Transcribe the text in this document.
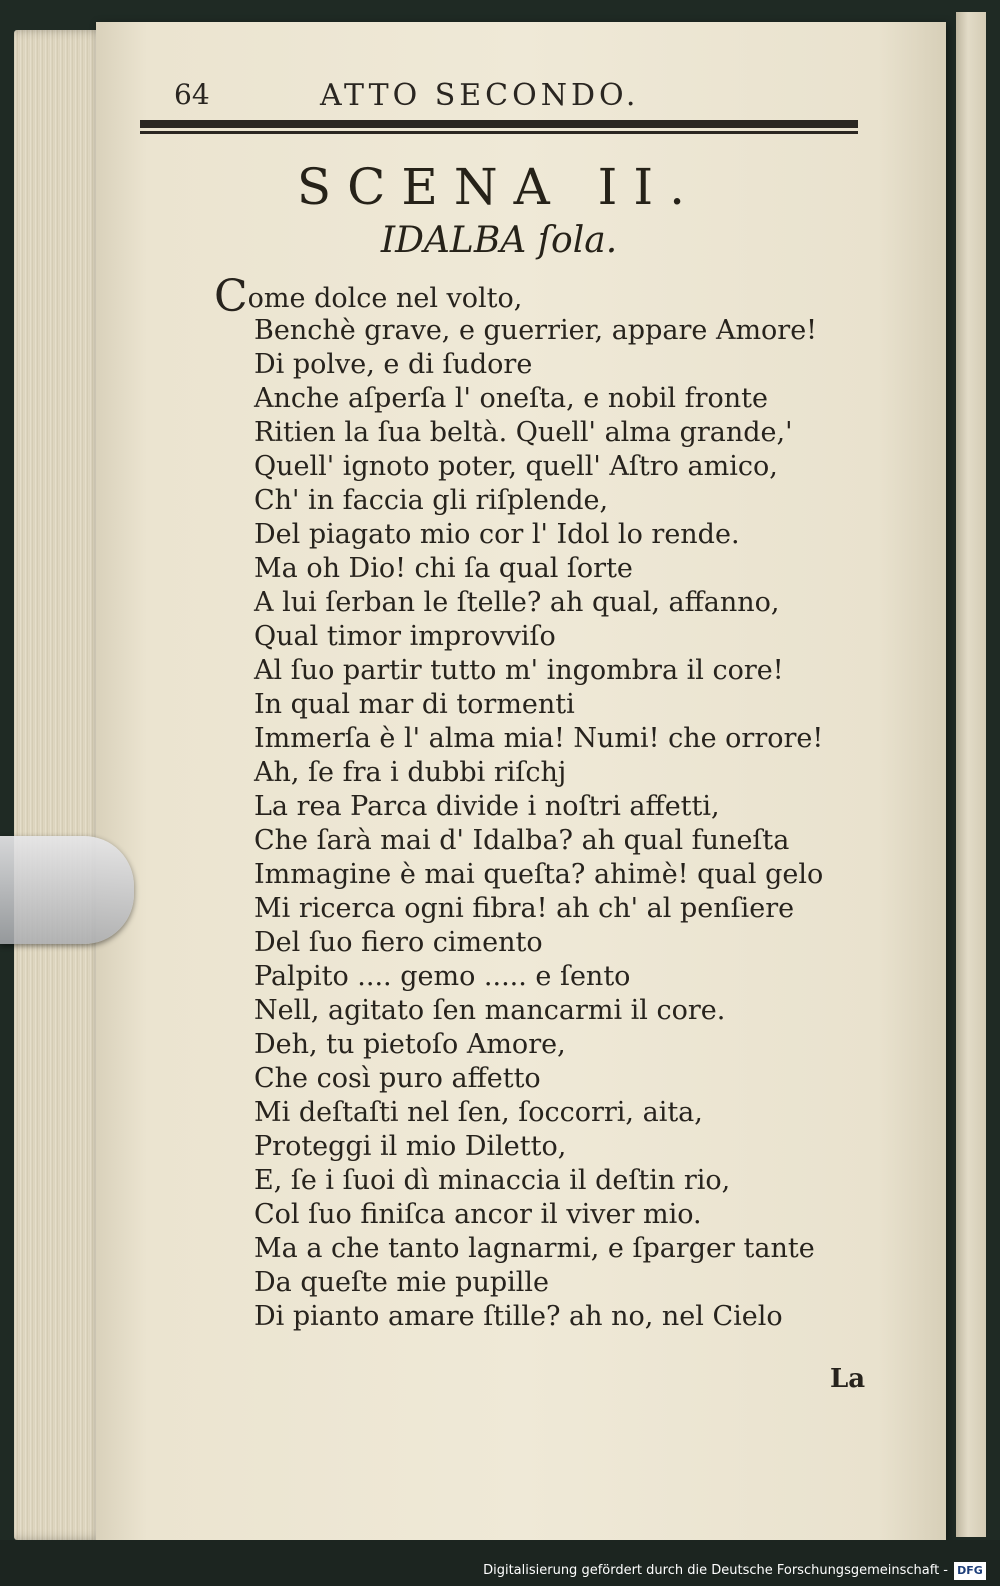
64	ATTO SECONDO.
SCENA II.
IDALBA ſola.
Come dolce nel volto,
Benchè grave, e guerrier, appare Amore!
Di polve, e di ſudore
Anche aſperſa l' oneſta, e nobil fronte
Ritien la ſua beltà. Quell' alma grande,'
Quell' ignoto poter, quell' Aſtro amico,
Ch' in faccia gli riſplende,
Del piagato mio cor l' Idol lo rende.
Ma oh Dio! chi ſa qual ſorte
A lui ſerban le ſtelle? ah qual, affanno,
Qual timor improvviſo
Al ſuo partir tutto m' ingombra il core!
In qual mar di tormenti
Immerſa è l' alma mia! Numi! che orrore!
Ah, ſe fra i dubbi riſchj
La rea Parca divide i noſtri affetti,
Che ſarà mai d' Idalba? ah qual funeſta
Immagine è mai queſta? ahimè! qual gelo
Mi ricerca ogni fibra! ah ch' al penſiere
Del ſuo fiero cimento
Palpito .... gemo ..... e ſento
Nell, agitato ſen mancarmi il core.
Deh, tu pietoſo Amore,
Che così puro affetto
Mi deſtaſti nel ſen, ſoccorri, aita,
Proteggi il mio Diletto,
E, ſe i ſuoi dì minaccia il deſtin rio,
Col ſuo finiſca ancor il viver mio.
Ma a che tanto lagnarmi, e ſparger tante
Da queſte mie pupille
Di pianto amare ſtille? ah no, nel Cielo
La
Digitalisierung gefördert durch die Deutsche Forschungsgemeinschaft - DFG
